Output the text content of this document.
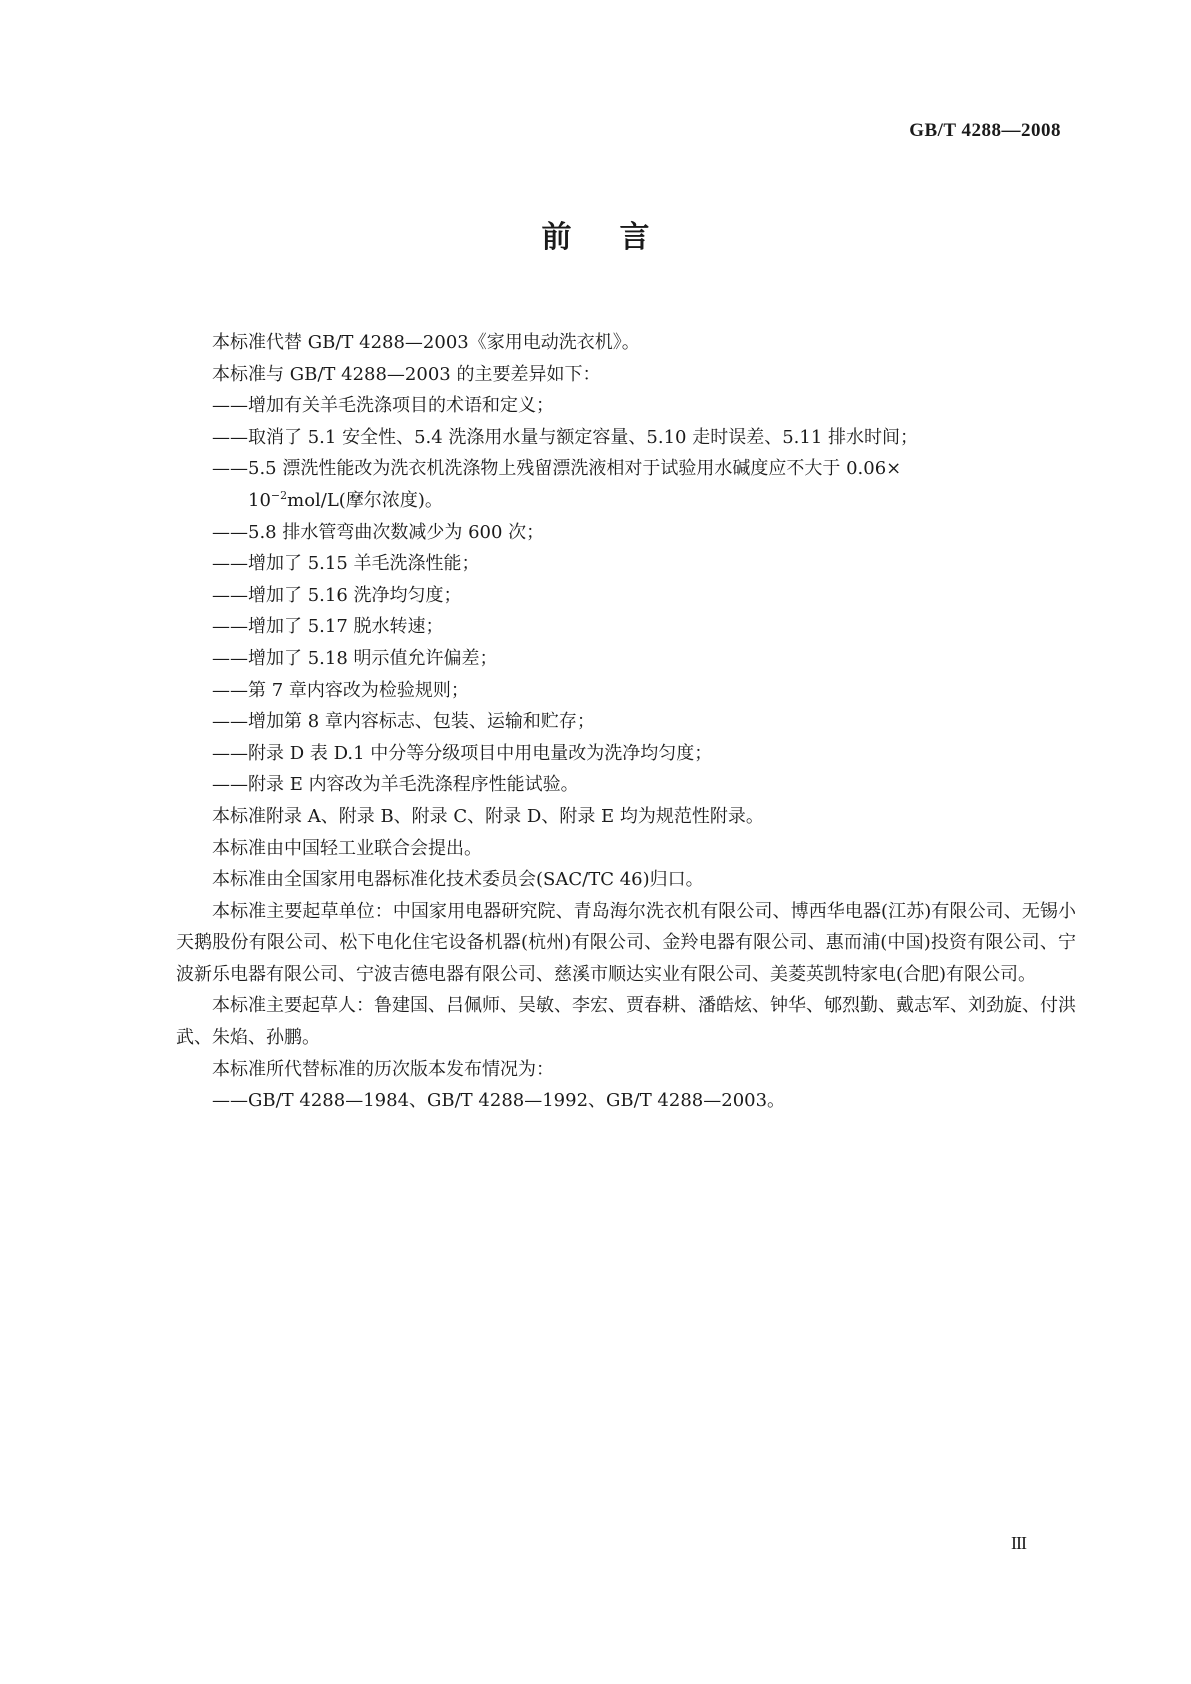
GB/T 4288—2008
前言

本标准代替 GB/T 4288—2003《家用电动洗衣机》。

本标准与 GB/T 4288—2003 的主要差异如下：

——增加有关羊毛洗涤项目的术语和定义；

——取消了 5.1 安全性、5.4 洗涤用水量与额定容量、5.10 走时误差、5.11 排水时间；

——5.5 漂洗性能改为洗衣机洗涤物上残留漂洗液相对于试验用水碱度应不大于 0.06×
$10^{-2}mol/L$(摩尔浓度)。

——5.8 排水管弯曲次数减少为 600 次；

——增加了 5.15 羊毛洗涤性能；

——增加了 5.16 洗净均匀度；

——增加了 5.17 脱水转速；

——增加了 5.18 明示值允许偏差；

——第 7 章内容改为检验规则；

——增加第 8 章内容标志、包装、运输和贮存；

——附录 D 表 D.1 中分等分级项目中用电量改为洗净均匀度；

——附录 E 内容改为羊毛洗涤程序性能试验。

本标准附录 A、附录 B、附录 C、附录 D、附录 E 均为规范性附录。

本标准由中国轻工业联合会提出。

本标准由全国家用电器标准化技术委员会(SAC/TC 46)归口。

本标准主要起草单位：中国家用电器研究院、青岛海尔洗衣机有限公司、博西华电器(江苏)有限公司、无锡小天鹅股份有限公司、松下电化住宅设备机器(杭州)有限公司、金羚电器有限公司、惠而浦(中国)投资有限公司、宁波新乐电器有限公司、宁波吉德电器有限公司、慈溪市顺达实业有限公司、美菱英凯特家电(合肥)有限公司。

本标准主要起草人：鲁建国、吕佩师、吴敏、李宏、贾春耕、潘皓炫、钟华、郇烈勤、戴志军、刘劲旋、付洪武、朱焰、孙鹏。

本标准所代替标准的历次版本发布情况为：

——GB/T 4288—1984、GB/T 4288—1992、GB/T 4288—2003。

III
